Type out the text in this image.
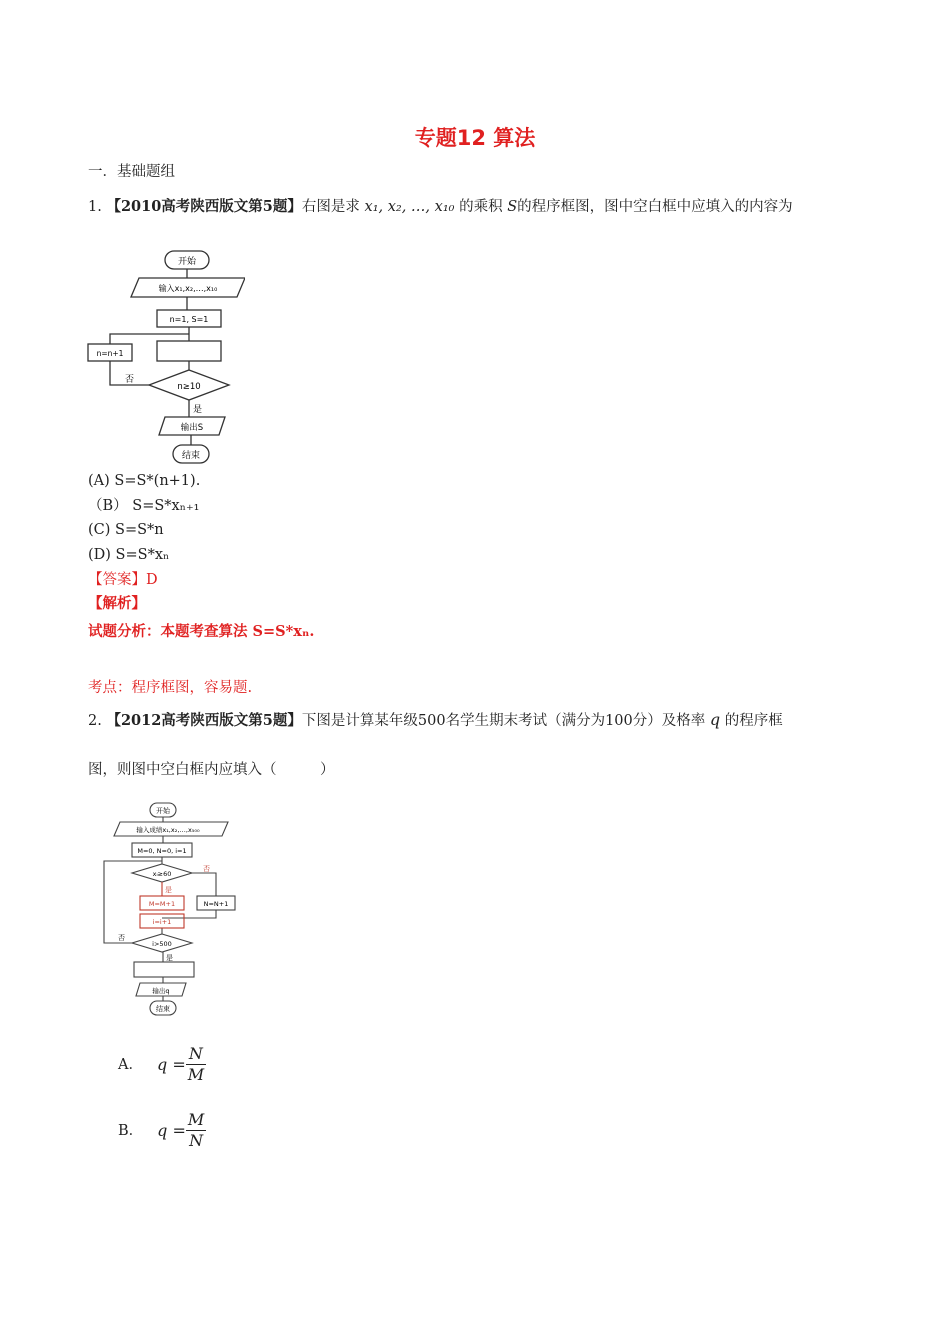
专题12 算法
一．基础题组
1. 【2010高考陕西版文第5题】右图是求 x₁, x₂, …, x₁₀ 的乘积 S的程序框图，图中空白框中应填入的内容为
开始
输入x₁,x₂,…,x₁₀
n=1, S=1
n=n+1
n≥10
否
是
输出S
结束
(A) S=S*(n+1).
（B） S=S*xₙ₊₁
(C) S=S*n
(D) S=S*xₙ
【答案】D
【解析】
试题分析：本题考查算法 S=S*xₙ.
考点：程序框图，容易题.
2. 【2012高考陕西版文第5题】下图是计算某年级500名学生期末考试（满分为100分）及格率 q 的程序框
图，则图中空白框内应填入（　　　）
开始
输入成绩x₁,x₂,…,x₅₀₀
M=0, N=0, i=1
xᵢ≥60
是
否
M=M+1	N=N+1
i=i+1
i>500
否
是
输出q
结束
A． $q = \frac{N}{M}$
B． $q = \frac{M}{N}$
